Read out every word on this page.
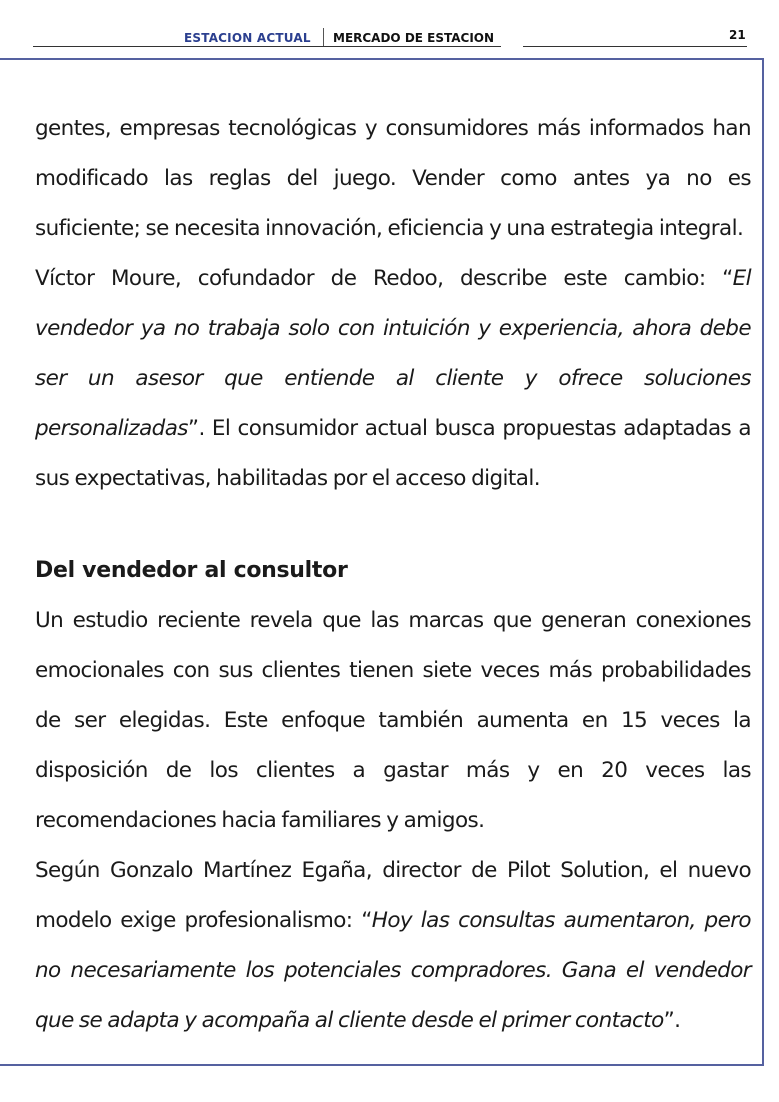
ESTACION ACTUAL MERCADO DE ESTACION	21

gentes, empresas tecnológicas y consumidores más informados han modificado las reglas del juego. Vender como antes ya no es suficiente; se necesita innovación, eficiencia y una estrategia integral.

Víctor Moure, cofundador de Redoo, describe este cambio: “El vendedor ya no trabaja solo con intuición y experiencia, ahora debe ser un asesor que entiende al cliente y ofrece soluciones personalizadas”. El consumidor actual busca propuestas adaptadas a sus expectativas, habilitadas por el acceso digital.

Del vendedor al consultor

Un estudio reciente revela que las marcas que generan conexiones emocionales con sus clientes tienen siete veces más probabilidades de ser elegidas. Este enfoque también aumenta en 15 veces la disposición de los clientes a gastar más y en 20 veces las recomendaciones hacia familiares y amigos.

Según Gonzalo Martínez Egaña, director de Pilot Solution, el nuevo modelo exige profesionalismo: “Hoy las consultas aumentaron, pero no necesariamente los potenciales compradores. Gana el vendedor que se adapta y acompaña al cliente desde el primer contacto”.
